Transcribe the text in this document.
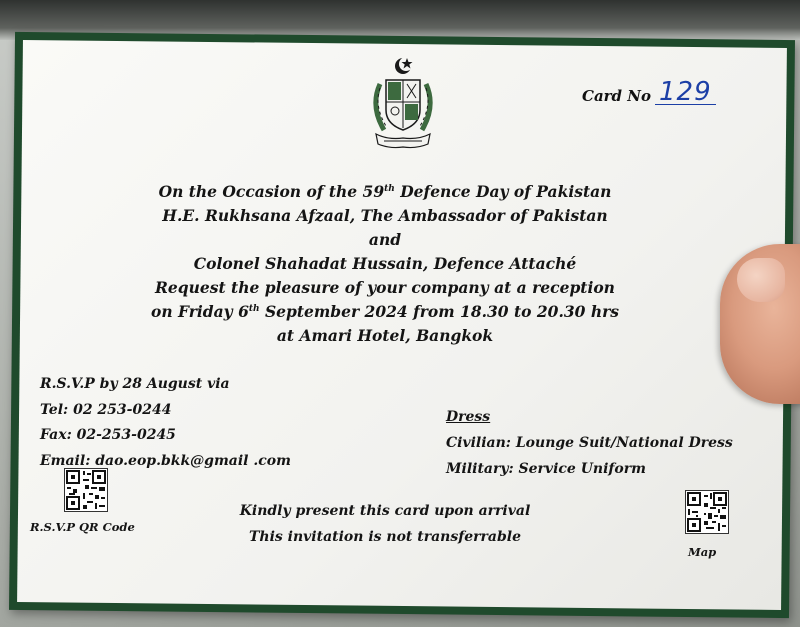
Card No 129

On the Occasion of the 59th Defence Day of Pakistan

H.E. Rukhsana Afzaal, The Ambassador of Pakistan

and

Colonel Shahadat Hussain, Defence Attaché

Request the pleasure of your company at a reception

on Friday 6th September 2024 from 18.30 to 20.30 hrs

at Amari Hotel, Bangkok

R.S.V.P by 28 August via

Tel: 02 253-0244

Fax: 02-253-0245

Email: dao.eop.bkk@gmail .com

Dress

Civilian: Lounge Suit/National Dress

Military: Service Uniform

R.S.V.P QR Code

Kindly present this card upon arrival

This invitation is not transferrable

Map
